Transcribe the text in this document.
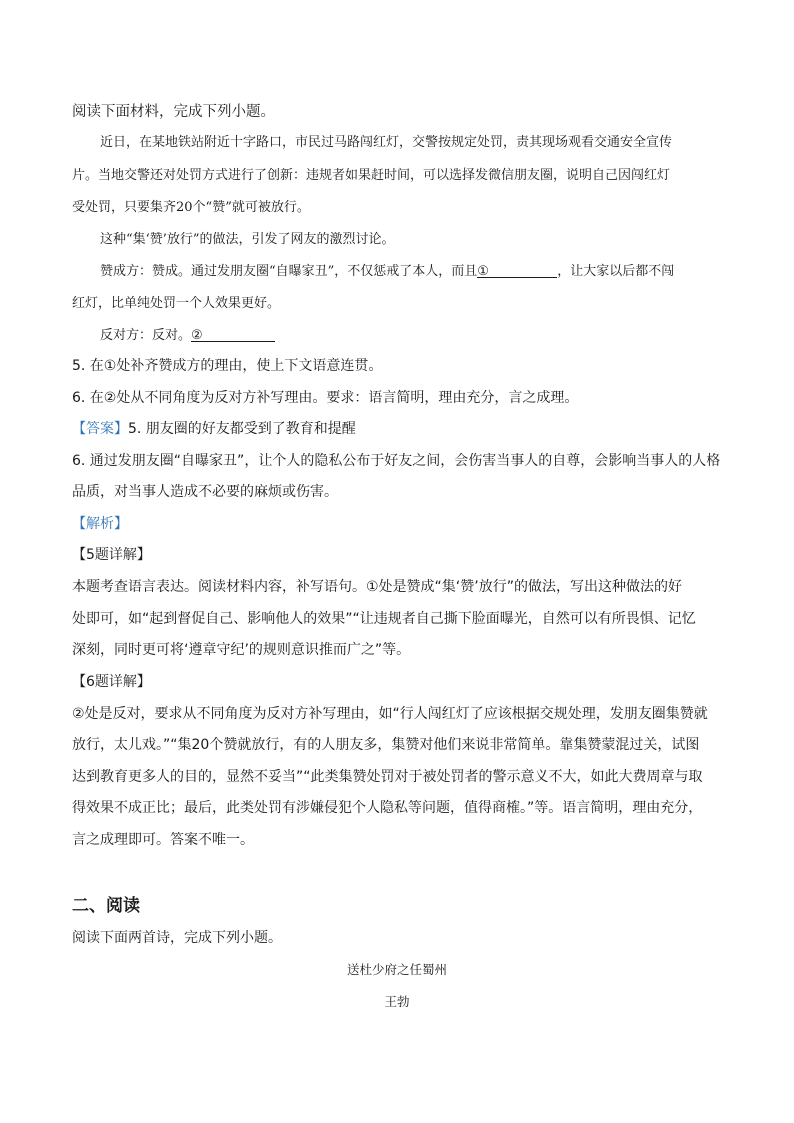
阅读下面材料，完成下列小题。
近日，在某地铁站附近十字路口，市民过马路闯红灯，交警按规定处罚，责其现场观看交通安全宣传
片。当地交警还对处罚方式进行了创新：违规者如果赶时间，可以选择发微信朋友圈，说明自己因闯红灯
受处罚，只要集齐20个“赞”就可被放行。
这种“集‘赞’放行”的做法，引发了网友的激烈讨论。
赞成方：赞成。通过发朋友圈“自曝家丑”，不仅惩戒了本人，而且①	，让大家以后都不闯
红灯，比单纯处罚一个人效果更好。
反对方：反对。②
5. 在①处补齐赞成方的理由，使上下文语意连贯。
6. 在②处从不同角度为反对方补写理由。要求：语言简明，理由充分，言之成理。
【答案】5. 朋友圈的好友都受到了教育和提醒
6. 通过发朋友圈“自曝家丑”，让个人的隐私公布于好友之间，会伤害当事人的自尊，会影响当事人的人格
品质，对当事人造成不必要的麻烦或伤害。
【解析】
【5题详解】
本题考查语言表达。阅读材料内容，补写语句。①处是赞成“集‘赞’放行”的做法，写出这种做法的好
处即可，如“起到督促自己、影响他人的效果”“让违规者自己撕下脸面曝光，自然可以有所畏惧、记忆
深刻，同时更可将‘遵章守纪’的规则意识推而广之”等。
【6题详解】
②处是反对，要求从不同角度为反对方补写理由，如“行人闯红灯了应该根据交规处理，发朋友圈集赞就
放行，太儿戏。”“集20个赞就放行，有的人朋友多，集赞对他们来说非常简单。靠集赞蒙混过关，试图
达到教育更多人的目的，显然不妥当”“此类集赞处罚对于被处罚者的警示意义不大，如此大费周章与取
得效果不成正比；最后，此类处罚有涉嫌侵犯个人隐私等问题，值得商榷。”等。语言简明，理由充分，
言之成理即可。答案不唯一。
二、阅读
阅读下面两首诗，完成下列小题。
送杜少府之任蜀州
王勃
